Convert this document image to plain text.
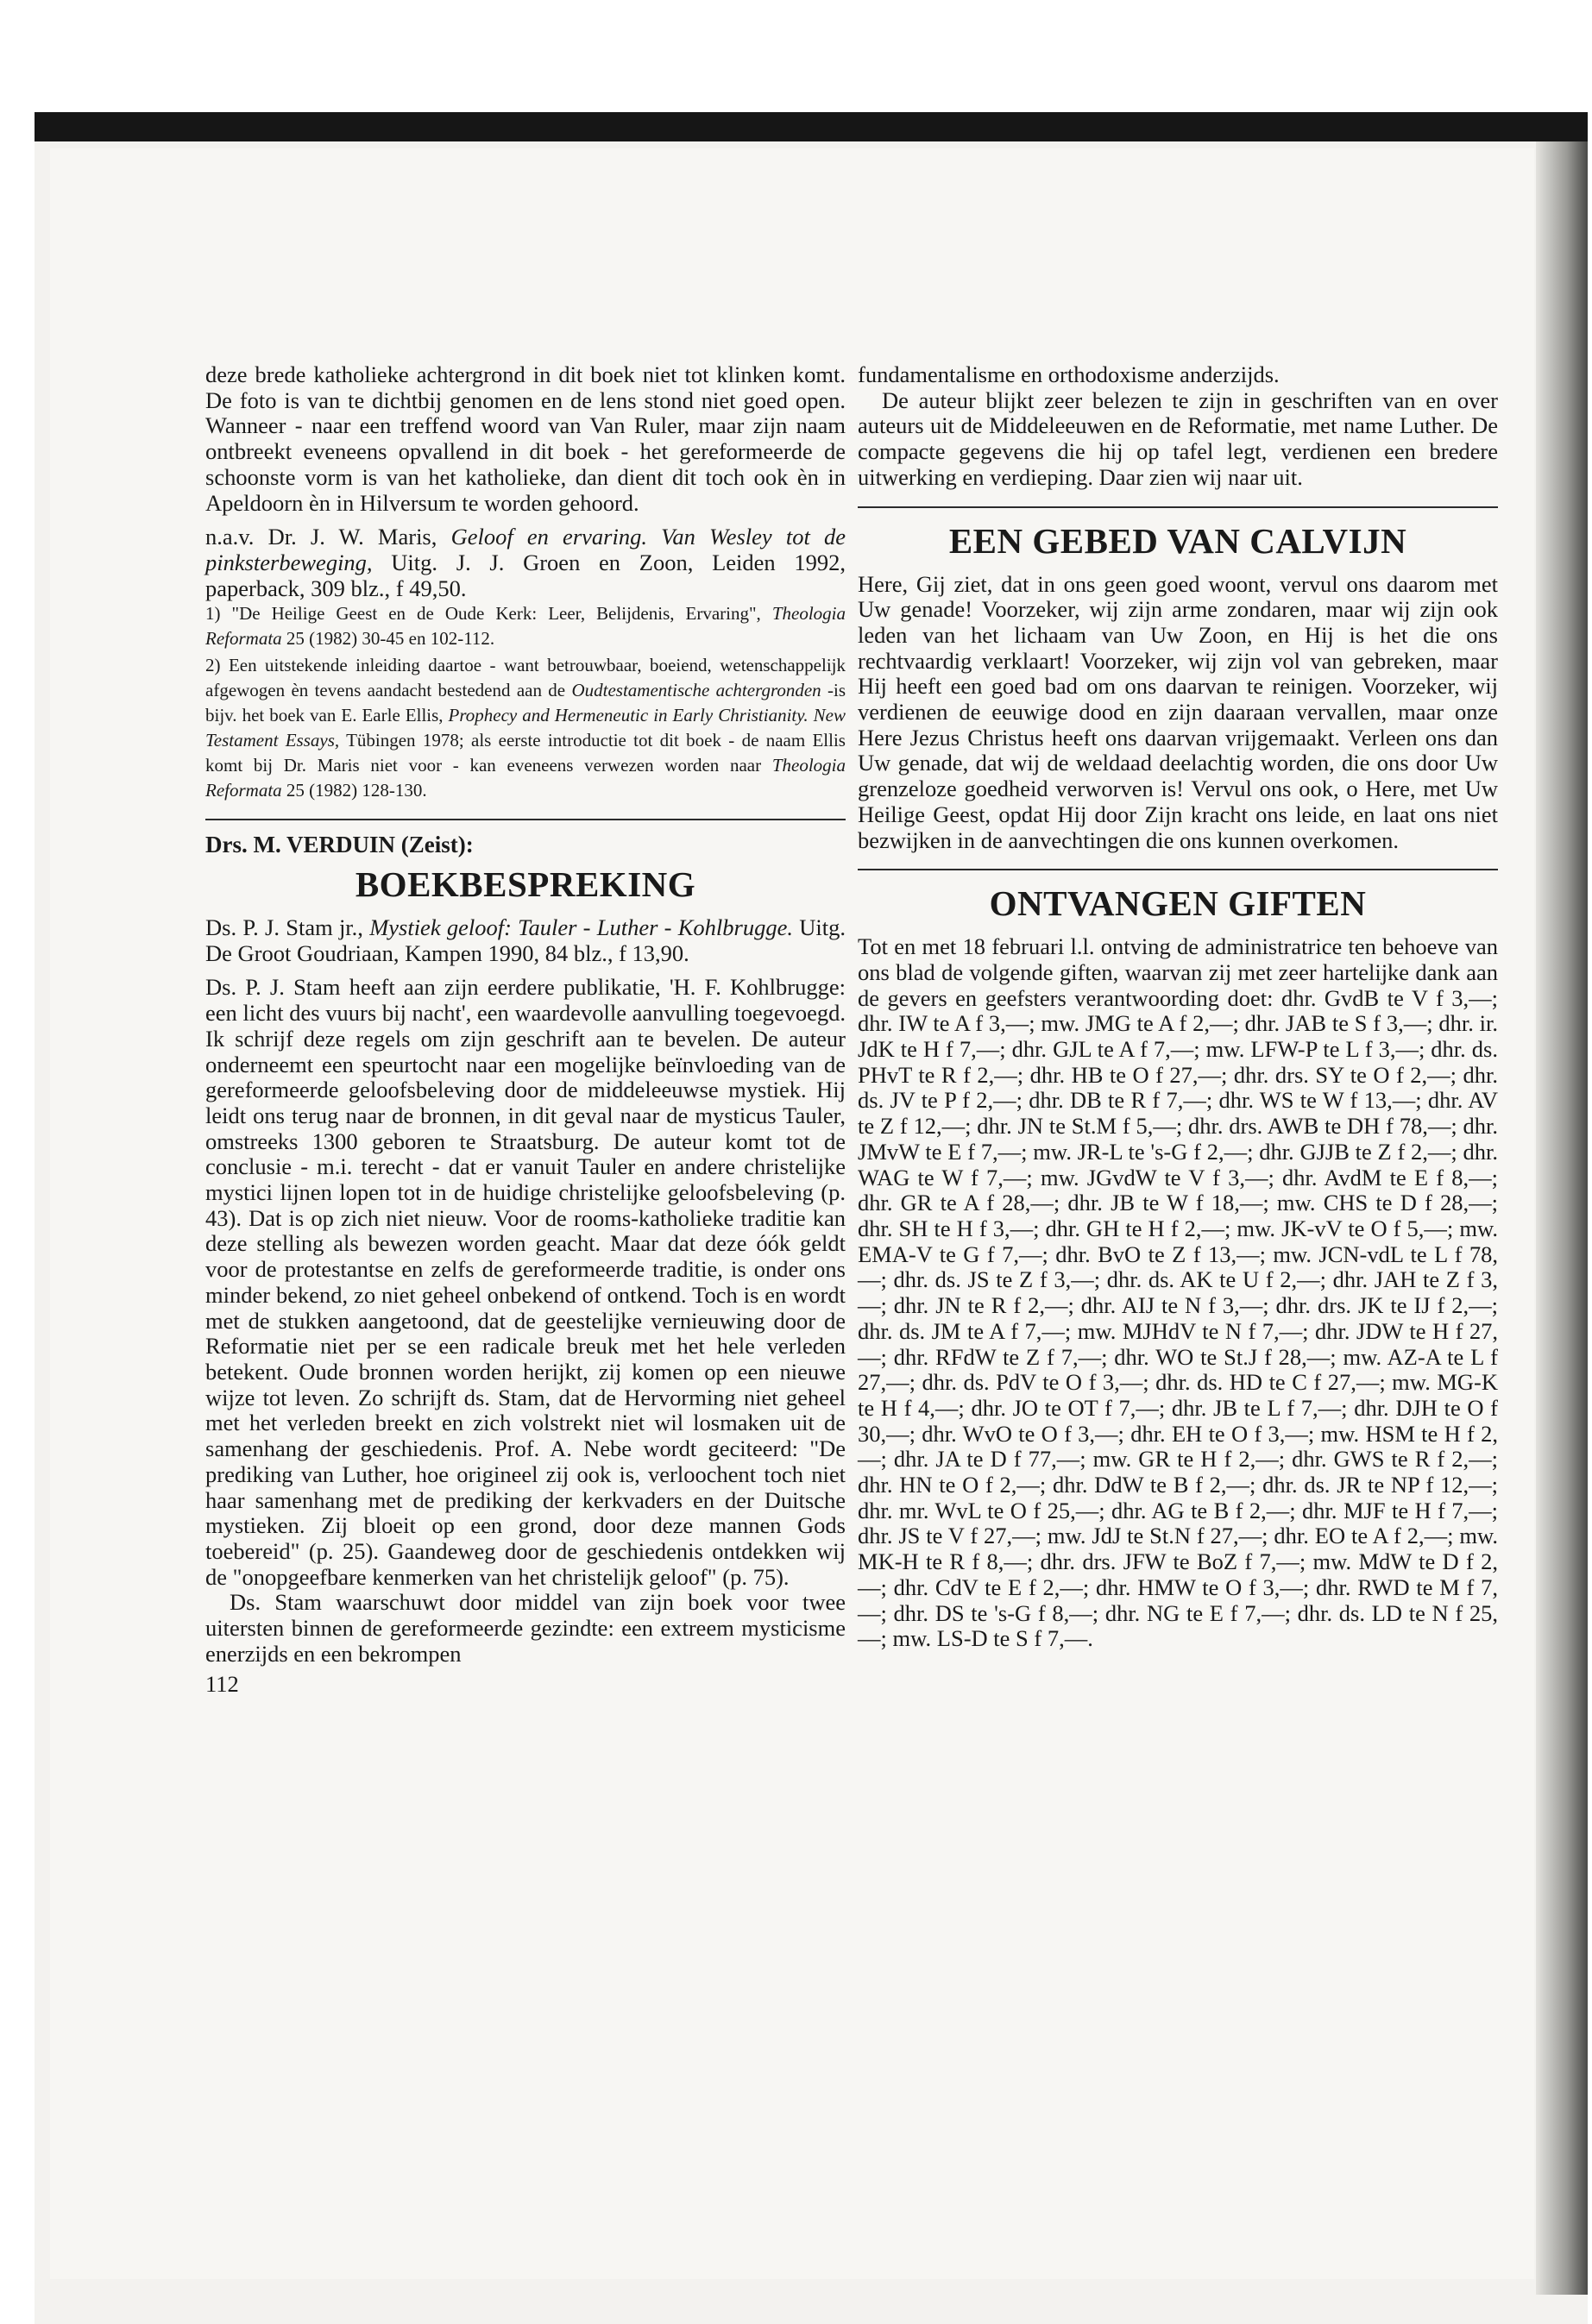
deze brede katholieke achtergrond in dit boek niet tot klinken komt. De foto is van te dichtbij genomen en de lens stond niet goed open. Wanneer - naar een treffend woord van Van Ruler, maar zijn naam ontbreekt eveneens opvallend in dit boek - het gereformeerde de schoonste vorm is van het katholieke, dan dient dit toch ook èn in Apeldoorn èn in Hilversum te worden gehoord.

n.a.v. Dr. J. W. Maris, Geloof en ervaring. Van Wesley tot de pinksterbeweging, Uitg. J. J. Groen en Zoon, Leiden 1992, paperback, 309 blz., f 49,50.

1) "De Heilige Geest en de Oude Kerk: Leer, Belijdenis, Ervaring", Theologia Reformata 25 (1982) 30-45 en 102-112.

2) Een uitstekende inleiding daartoe - want betrouwbaar, boeiend, wetenschappelijk afgewogen èn tevens aandacht bestedend aan de Oudtestamentische achtergronden -is bijv. het boek van E. Earle Ellis, Prophecy and Hermeneutic in Early Christianity. New Testament Essays, Tübingen 1978; als eerste introductie tot dit boek - de naam Ellis komt bij Dr. Maris niet voor - kan eveneens verwezen worden naar Theologia Reformata 25 (1982) 128-130.

Drs. M. VERDUIN (Zeist):
BOEKBESPREKING

Ds. P. J. Stam jr., Mystiek geloof: Tauler - Luther - Kohlbrugge. Uitg. De Groot Goudriaan, Kampen 1990, 84 blz., f 13,90.

Ds. P. J. Stam heeft aan zijn eerdere publikatie, 'H. F. Kohlbrugge: een licht des vuurs bij nacht', een waardevolle aanvulling toegevoegd. Ik schrijf deze regels om zijn geschrift aan te bevelen. De auteur onderneemt een speurtocht naar een mogelijke beïnvloeding van de gereformeerde geloofsbeleving door de middeleeuwse mystiek. Hij leidt ons terug naar de bronnen, in dit geval naar de mysticus Tauler, omstreeks 1300 geboren te Straatsburg. De auteur komt tot de conclusie - m.i. terecht - dat er vanuit Tauler en andere christelijke mystici lijnen lopen tot in de huidige christelijke geloofsbeleving (p. 43). Dat is op zich niet nieuw. Voor de rooms-katholieke traditie kan deze stelling als bewezen worden geacht. Maar dat deze óók geldt voor de protestantse en zelfs de gereformeerde traditie, is onder ons minder bekend, zo niet geheel onbekend of ontkend. Toch is en wordt met de stukken aangetoond, dat de geestelijke vernieuwing door de Reformatie niet per se een radicale breuk met het hele verleden betekent. Oude bronnen worden herijkt, zij komen op een nieuwe wijze tot leven. Zo schrijft ds. Stam, dat de Hervorming niet geheel met het verleden breekt en zich volstrekt niet wil losmaken uit de samenhang der geschiedenis. Prof. A. Nebe wordt geciteerd: "De prediking van Luther, hoe origineel zij ook is, verloochent toch niet haar samenhang met de prediking der kerkvaders en der Duitsche mystieken. Zij bloeit op een grond, door deze mannen Gods toebereid" (p. 25). Gaandeweg door de geschiedenis ontdekken wij de "onopgeefbare kenmerken van het christelijk geloof" (p. 75).

Ds. Stam waarschuwt door middel van zijn boek voor twee uitersten binnen de gereformeerde gezindte: een extreem mysticisme enerzijds en een bekrompen

112

fundamentalisme en orthodoxisme anderzijds.

De auteur blijkt zeer belezen te zijn in geschriften van en over auteurs uit de Middeleeuwen en de Reformatie, met name Luther. De compacte gegevens die hij op tafel legt, verdienen een bredere uitwerking en verdieping. Daar zien wij naar uit.

EEN GEBED VAN CALVIJN

Here, Gij ziet, dat in ons geen goed woont, vervul ons daarom met Uw genade! Voorzeker, wij zijn arme zondaren, maar wij zijn ook leden van het lichaam van Uw Zoon, en Hij is het die ons rechtvaardig verklaart! Voorzeker, wij zijn vol van gebreken, maar Hij heeft een goed bad om ons daarvan te reinigen. Voorzeker, wij verdienen de eeuwige dood en zijn daaraan vervallen, maar onze Here Jezus Christus heeft ons daarvan vrijgemaakt. Verleen ons dan Uw genade, dat wij de weldaad deelachtig worden, die ons door Uw grenzeloze goedheid verworven is! Vervul ons ook, o Here, met Uw Heilige Geest, opdat Hij door Zijn kracht ons leide, en laat ons niet bezwijken in de aanvechtingen die ons kunnen overkomen.

ONTVANGEN GIFTEN

Tot en met 18 februari l.l. ontving de administratrice ten behoeve van ons blad de volgende giften, waarvan zij met zeer hartelijke dank aan de gevers en geefsters verantwoording doet: dhr. GvdB te V f 3,—; dhr. IW te A f 3,—; mw. JMG te A f 2,—; dhr. JAB te S f 3,—; dhr. ir. JdK te H f 7,—; dhr. GJL te A f 7,—; mw. LFW-P te L f 3,—; dhr. ds. PHvT te R f 2,—; dhr. HB te O f 27,—; dhr. drs. SY te O f 2,—; dhr. ds. JV te P f 2,—; dhr. DB te R f 7,—; dhr. WS te W f 13,—; dhr. AV te Z f 12,—; dhr. JN te St.M f 5,—; dhr. drs. AWB te DH f 78,—; dhr. JMvW te E f 7,—; mw. JR-L te 's-G f 2,—; dhr. GJJB te Z f 2,—; dhr. WAG te W f 7,—; mw. JGvdW te V f 3,—; dhr. AvdM te E f 8,—; dhr. GR te A f 28,—; dhr. JB te W f 18,—; mw. CHS te D f 28,—; dhr. SH te H f 3,—; dhr. GH te H f 2,—; mw. JK-vV te O f 5,—; mw. EMA-V te G f 7,—; dhr. BvO te Z f 13,—; mw. JCN-vdL te L f 78,—; dhr. ds. JS te Z f 3,—; dhr. ds. AK te U f 2,—; dhr. JAH te Z f 3,—; dhr. JN te R f 2,—; dhr. AIJ te N f 3,—; dhr. drs. JK te IJ f 2,—; dhr. ds. JM te A f 7,—; mw. MJHdV te N f 7,—; dhr. JDW te H f 27,—; dhr. RFdW te Z f 7,—; dhr. WO te St.J f 28,—; mw. AZ-A te L f 27,—; dhr. ds. PdV te O f 3,—; dhr. ds. HD te C f 27,—; mw. MG-K te H f 4,—; dhr. JO te OT f 7,—; dhr. JB te L f 7,—; dhr. DJH te O f 30,—; dhr. WvO te O f 3,—; dhr. EH te O f 3,—; mw. HSM te H f 2,—; dhr. JA te D f 77,—; mw. GR te H f 2,—; dhr. GWS te R f 2,—; dhr. HN te O f 2,—; dhr. DdW te B f 2,—; dhr. ds. JR te NP f 12,—; dhr. mr. WvL te O f 25,—; dhr. AG te B f 2,—; dhr. MJF te H f 7,—; dhr. JS te V f 27,—; mw. JdJ te St.N f 27,—; dhr. EO te A f 2,—; mw. MK-H te R f 8,—; dhr. drs. JFW te BoZ f 7,—; mw. MdW te D f 2,—; dhr. CdV te E f 2,—; dhr. HMW te O f 3,—; dhr. RWD te M f 7,—; dhr. DS te 's-G f 8,—; dhr. NG te E f 7,—; dhr. ds. LD te N f 25,—; mw. LS-D te S f 7,—.
